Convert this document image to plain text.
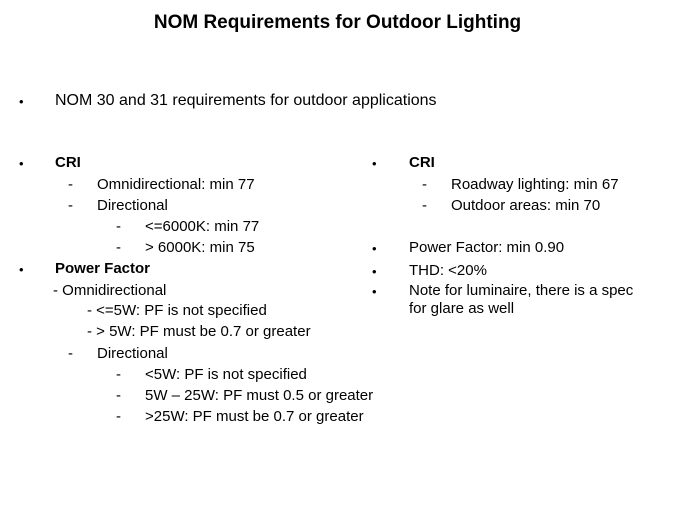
NOM Requirements for Outdoor Lighting
• NOM 30 and 31 requirements for outdoor applications
• CRI
- Omnidirectional: min 77
- Directional
- <=6000K: min 77
- > 6000K: min 75
• Power Factor
- Omnidirectional
- <=5W: PF is not specified
- > 5W: PF must be 0.7 or greater
- Directional
- <5W: PF is not specified
- 5W – 25W: PF must 0.5 or greater
- >25W: PF must be 0.7 or greater
• CRI
- Roadway lighting: min 67
- Outdoor areas: min 70
• Power Factor: min 0.90
• THD: <20%
• Note for luminaire, there is a spec
for glare as well
